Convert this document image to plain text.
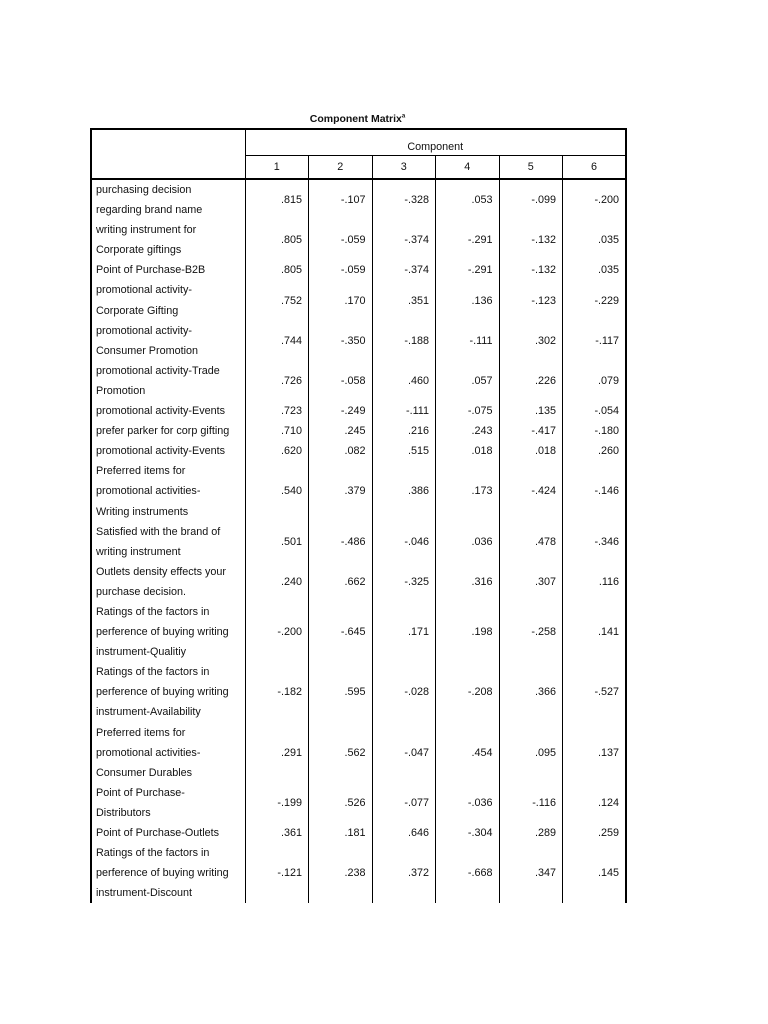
Component Matrix$^a$
	Component					
	1	2	3	4	5	6

purchasing decision
regarding brand name	.815	-.107	-.328	.053	-.099	-.200

writing instrument for
Corporate giftings	.805	-.059	-.374	-.291	-.132	.035

Point of Purchase-B2B	.805	-.059	-.374	-.291	-.132	.035

promotional activity-
Corporate Gifting	.752	.170	.351	.136	-.123	-.229

promotional activity-
Consumer Promotion	.744	-.350	-.188	-.111	.302	-.117

promotional activity-Trade
Promotion	.726	-.058	.460	.057	.226	.079

promotional activity-Events	.723	-.249	-.111	-.075	.135	-.054

prefer parker for corp gifting	.710	.245	.216	.243	-.417	-.180

promotional activity-Events	.620	.082	.515	.018	.018	.260

Preferred items for
promotional activities-
Writing instruments	.540	.379	.386	.173	-.424	-.146

Satisfied with the brand of
writing instrument	.501	-.486	-.046	.036	.478	-.346

Outlets density effects your
purchase decision.	.240	.662	-.325	.316	.307	.116

Ratings of the factors in
perference of buying writing
instrument-Qualitiy	-.200	-.645	.171	.198	-.258	.141

Ratings of the factors in
perference of buying writing
instrument-Availability	-.182	.595	-.028	-.208	.366	-.527

Preferred items for
promotional activities-
Consumer Durables	.291	.562	-.047	.454	.095	.137

Point of Purchase-
Distributors	-.199	.526	-.077	-.036	-.116	.124

Point of Purchase-Outlets	.361	.181	.646	-.304	.289	.259

Ratings of the factors in
perference of buying writing
instrument-Discount	-.121	.238	.372	-.668	.347	.145
